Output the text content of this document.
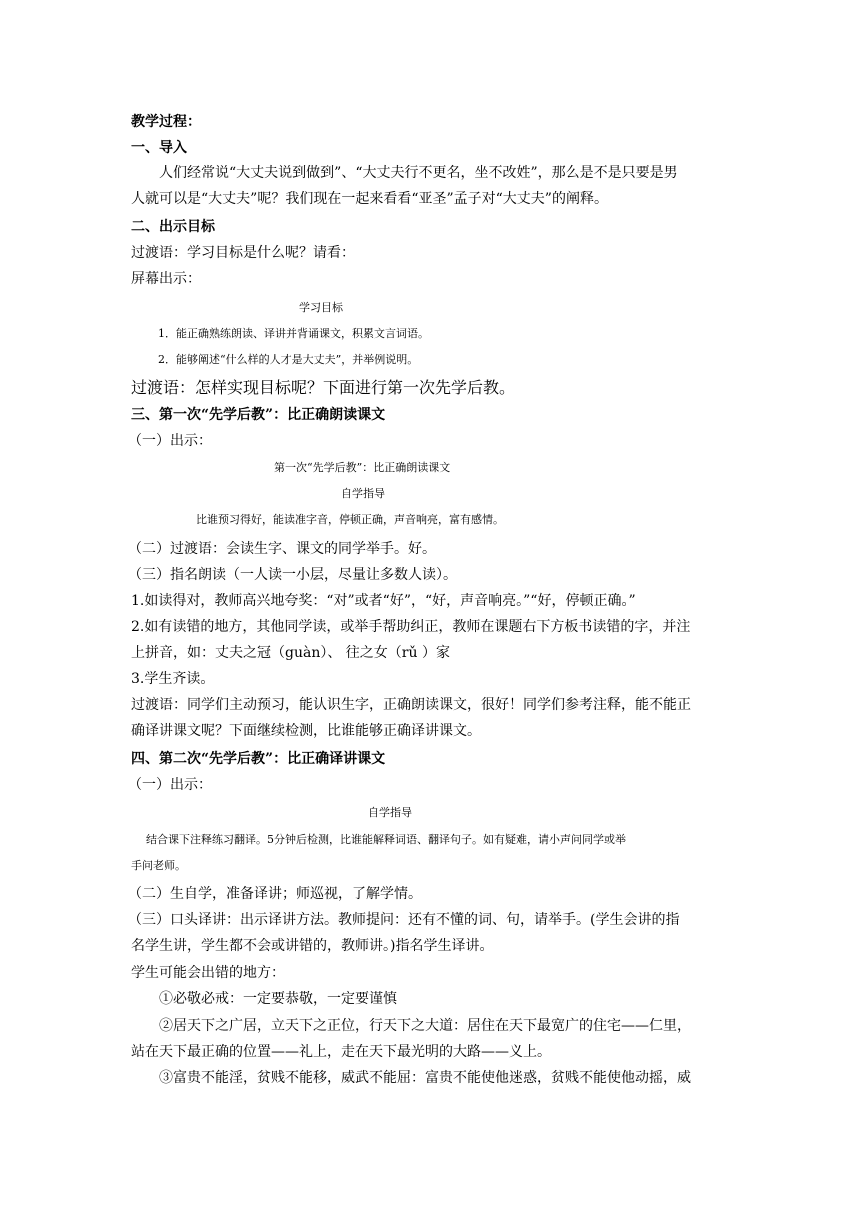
教学过程：
一、导入
人们经常说“大丈夫说到做到”、“大丈夫行不更名，坐不改姓”，那么是不是只要是男
人就可以是“大丈夫”呢？我们现在一起来看看“亚圣”孟子对“大丈夫”的阐释。
二、出示目标
过渡语：学习目标是什么呢？请看：
屏幕出示：
学习目标
1．能正确熟练朗读、译讲并背诵课文，积累文言词语。
2．能够阐述“什么样的人才是大丈夫”，并举例说明。
过渡语：怎样实现目标呢？下面进行第一次先学后教。
三、第一次“先学后教”：比正确朗读课文
（一）出示：
第一次“先学后教”：比正确朗读课文
自学指导
比谁预习得好，能读准字音，停顿正确，声音响亮，富有感情。
（二）过渡语：会读生字、课文的同学举手。好。
（三）指名朗读（一人读一小层，尽量让多数人读）。
1.如读得对，教师高兴地夸奖：“对”或者“好”，“好，声音响亮。”“好，停顿正确。”
2.如有读错的地方，其他同学读，或举手帮助纠正，教师在课题右下方板书读错的字，并注
上拼音，如：丈夫之冠（guàn）、 往之女（rǔ ）家
3.学生齐读。
过渡语：同学们主动预习，能认识生字，正确朗读课文，很好！同学们参考注释，能不能正
确译讲课文呢？下面继续检测，比谁能够正确译讲课文。
四、第二次“先学后教”：比正确译讲课文
（一）出示：
自学指导
结合课下注释练习翻译。5分钟后检测，比谁能解释词语、翻译句子。如有疑难，请小声问同学或举
手问老师。
（二）生自学，准备译讲；师巡视，了解学情。
（三）口头译讲：出示译讲方法。教师提问：还有不懂的词、句，请举手。(学生会讲的指
名学生讲，学生都不会或讲错的，教师讲。)指名学生译讲。
学生可能会出错的地方：
①必敬必戒：一定要恭敬，一定要谨慎
②居天下之广居，立天下之正位，行天下之大道：居住在天下最宽广的住宅——仁里，
站在天下最正确的位置——礼上，走在天下最光明的大路——义上。
③富贵不能淫，贫贱不能移，威武不能屈：富贵不能使他迷惑，贫贱不能使他动摇，威
